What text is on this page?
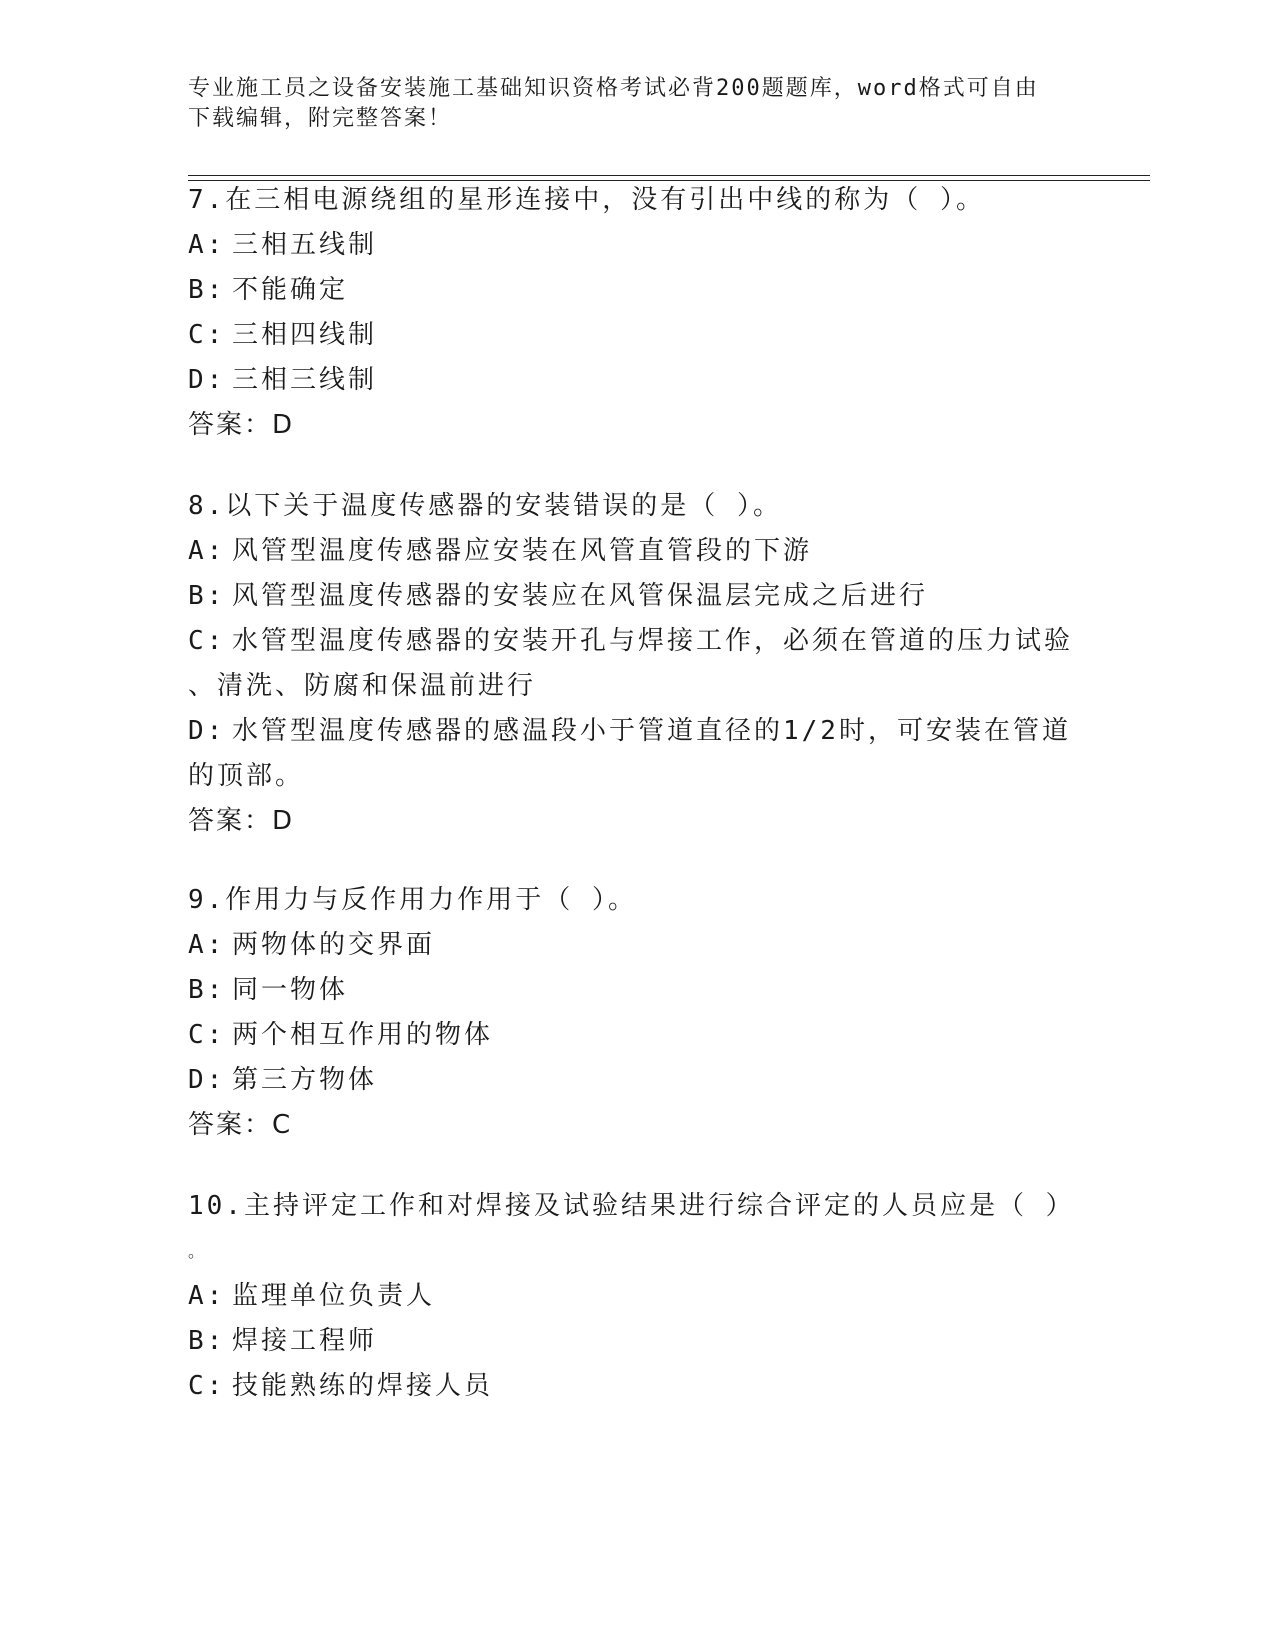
专业施工员之设备安装施工基础知识资格考试必背200题题库，word格式可自由
下载编辑，附完整答案！
7.在三相电源绕组的星形连接中，没有引出中线的称为（ ）。
A: 三相五线制
B: 不能确定
C: 三相四线制
D: 三相三线制
答案：D
8.以下关于温度传感器的安装错误的是（ ）。
A: 风管型温度传感器应安装在风管直管段的下游
B: 风管型温度传感器的安装应在风管保温层完成之后进行
C: 水管型温度传感器的安装开孔与焊接工作，必须在管道的压力试验
、清洗、防腐和保温前进行
D: 水管型温度传感器的感温段小于管道直径的1/2时，可安装在管道
的顶部。
答案：D
9.作用力与反作用力作用于（ ）。
A: 两物体的交界面
B: 同一物体
C: 两个相互作用的物体
D: 第三方物体
答案：C
10.主持评定工作和对焊接及试验结果进行综合评定的人员应是（ ）
。
A: 监理单位负责人
B: 焊接工程师
C: 技能熟练的焊接人员
